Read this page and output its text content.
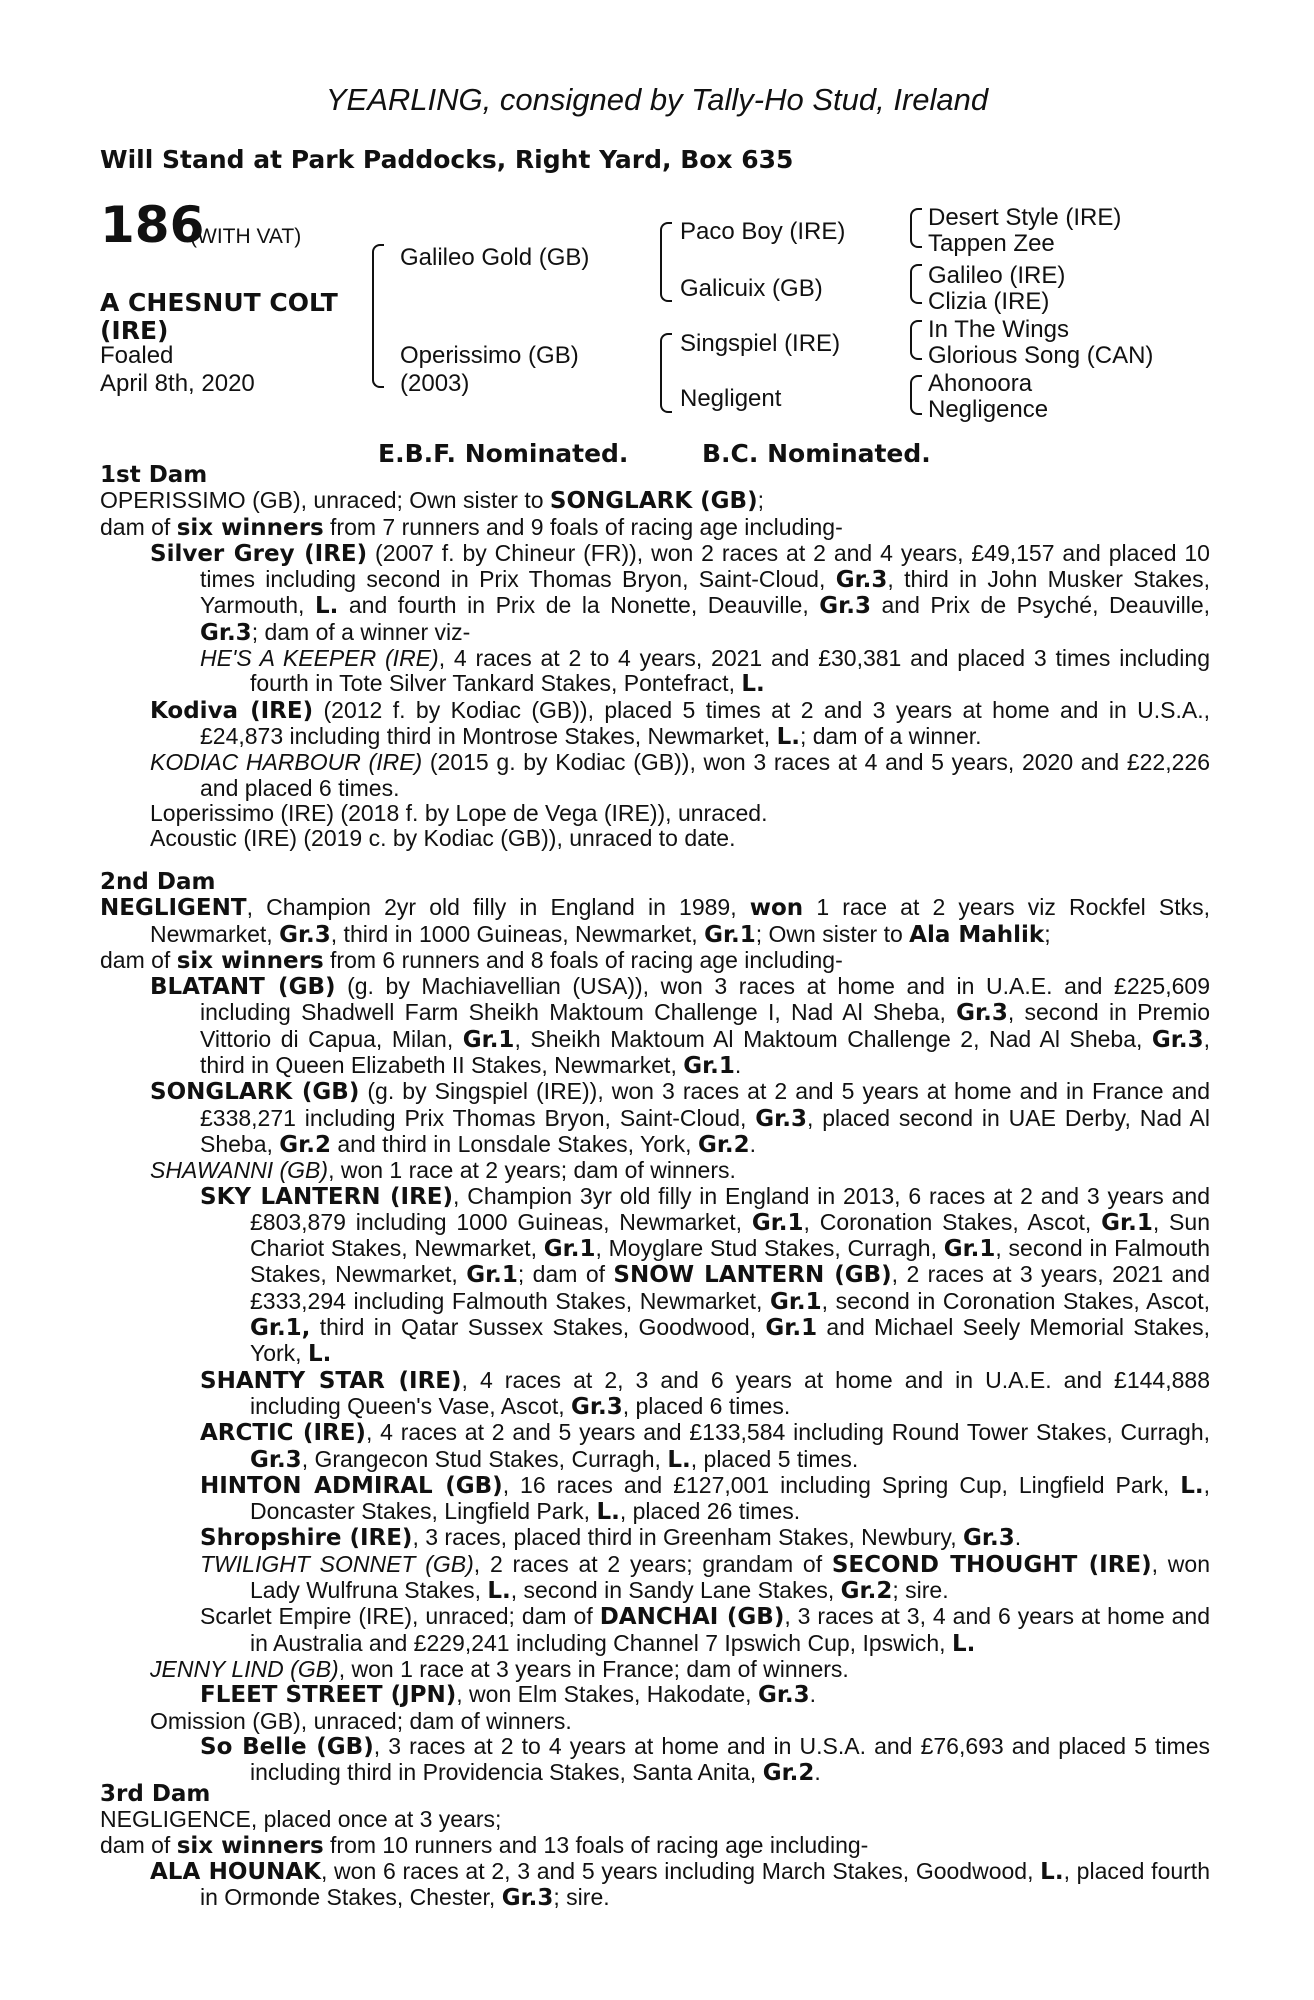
YEARLING, consigned by Tally-Ho Stud, Ireland
Will Stand at Park Paddocks, Right Yard, Box 635
186
(WITH VAT)
A CHESNUT COLT
(IRE)
Foaled
April 8th, 2020
Galileo Gold (GB)
Operissimo (GB)
(2003)
Paco Boy (IRE)
Galicuix (GB)
Singspiel (IRE)
Negligent
Desert Style (IRE)
Tappen Zee
Galileo (IRE)
Clizia (IRE)
In The Wings
Glorious Song (CAN)
Ahonoora
Negligence
E.B.F. Nominated.	B.C. Nominated.

1st Dam

OPERISSIMO (GB), unraced; Own sister to SONGLARK (GB);

dam of six winners from 7 runners and 9 foals of racing age including-

Silver Grey (IRE) (2007 f. by Chineur (FR)), won 2 races at 2 and 4 years, £49,157 and placed 10 times including second in Prix Thomas Bryon, Saint-Cloud, Gr.3, third in John Musker Stakes, Yarmouth, L. and fourth in Prix de la Nonette, Deauville, Gr.3 and Prix de Psyché, Deauville, Gr.3; dam of a winner viz-

HE'S A KEEPER (IRE), 4 races at 2 to 4 years, 2021 and £30,381 and placed 3 times including fourth in Tote Silver Tankard Stakes, Pontefract, L.

Kodiva (IRE) (2012 f. by Kodiac (GB)), placed 5 times at 2 and 3 years at home and in U.S.A., £24,873 including third in Montrose Stakes, Newmarket, L.; dam of a winner.

KODIAC HARBOUR (IRE) (2015 g. by Kodiac (GB)), won 3 races at 4 and 5 years, 2020 and £22,226 and placed 6 times.

Loperissimo (IRE) (2018 f. by Lope de Vega (IRE)), unraced.

Acoustic (IRE) (2019 c. by Kodiac (GB)), unraced to date.

2nd Dam

NEGLIGENT, Champion 2yr old filly in England in 1989, won 1 race at 2 years viz Rockfel Stks, Newmarket, Gr.3, third in 1000 Guineas, Newmarket, Gr.1; Own sister to Ala Mahlik;

dam of six winners from 6 runners and 8 foals of racing age including-

BLATANT (GB) (g. by Machiavellian (USA)), won 3 races at home and in U.A.E. and £225,609 including Shadwell Farm Sheikh Maktoum Challenge I, Nad Al Sheba, Gr.3, second in Premio Vittorio di Capua, Milan, Gr.1, Sheikh Maktoum Al Maktoum Challenge 2, Nad Al Sheba, Gr.3, third in Queen Elizabeth II Stakes, Newmarket, Gr.1.

SONGLARK (GB) (g. by Singspiel (IRE)), won 3 races at 2 and 5 years at home and in France and £338,271 including Prix Thomas Bryon, Saint-Cloud, Gr.3, placed second in UAE Derby, Nad Al Sheba, Gr.2 and third in Lonsdale Stakes, York, Gr.2.

SHAWANNI (GB), won 1 race at 2 years; dam of winners.

SKY LANTERN (IRE), Champion 3yr old filly in England in 2013, 6 races at 2 and 3 years and £803,879 including 1000 Guineas, Newmarket, Gr.1, Coronation Stakes, Ascot, Gr.1, Sun Chariot Stakes, Newmarket, Gr.1, Moyglare Stud Stakes, Curragh, Gr.1, second in Falmouth Stakes, Newmarket, Gr.1; dam of SNOW LANTERN (GB), 2 races at 3 years, 2021 and £333,294 including Falmouth Stakes, Newmarket, Gr.1, second in Coronation Stakes, Ascot, Gr.1, third in Qatar Sussex Stakes, Goodwood, Gr.1 and Michael Seely Memorial Stakes, York, L.

SHANTY STAR (IRE), 4 races at 2, 3 and 6 years at home and in U.A.E. and £144,888 including Queen's Vase, Ascot, Gr.3, placed 6 times.

ARCTIC (IRE), 4 races at 2 and 5 years and £133,584 including Round Tower Stakes, Curragh, Gr.3, Grangecon Stud Stakes, Curragh, L., placed 5 times.

HINTON ADMIRAL (GB), 16 races and £127,001 including Spring Cup, Lingfield Park, L., Doncaster Stakes, Lingfield Park, L., placed 26 times.

Shropshire (IRE), 3 races, placed third in Greenham Stakes, Newbury, Gr.3.

TWILIGHT SONNET (GB), 2 races at 2 years; grandam of SECOND THOUGHT (IRE), won Lady Wulfruna Stakes, L., second in Sandy Lane Stakes, Gr.2; sire.

Scarlet Empire (IRE), unraced; dam of DANCHAI (GB), 3 races at 3, 4 and 6 years at home and in Australia and £229,241 including Channel 7 Ipswich Cup, Ipswich, L.

JENNY LIND (GB), won 1 race at 3 years in France; dam of winners.

FLEET STREET (JPN), won Elm Stakes, Hakodate, Gr.3.

Omission (GB), unraced; dam of winners.

So Belle (GB), 3 races at 2 to 4 years at home and in U.S.A. and £76,693 and placed 5 times including third in Providencia Stakes, Santa Anita, Gr.2.

3rd Dam

NEGLIGENCE, placed once at 3 years;

dam of six winners from 10 runners and 13 foals of racing age including-

ALA HOUNAK, won 6 races at 2, 3 and 5 years including March Stakes, Goodwood, L., placed fourth in Ormonde Stakes, Chester, Gr.3; sire.
